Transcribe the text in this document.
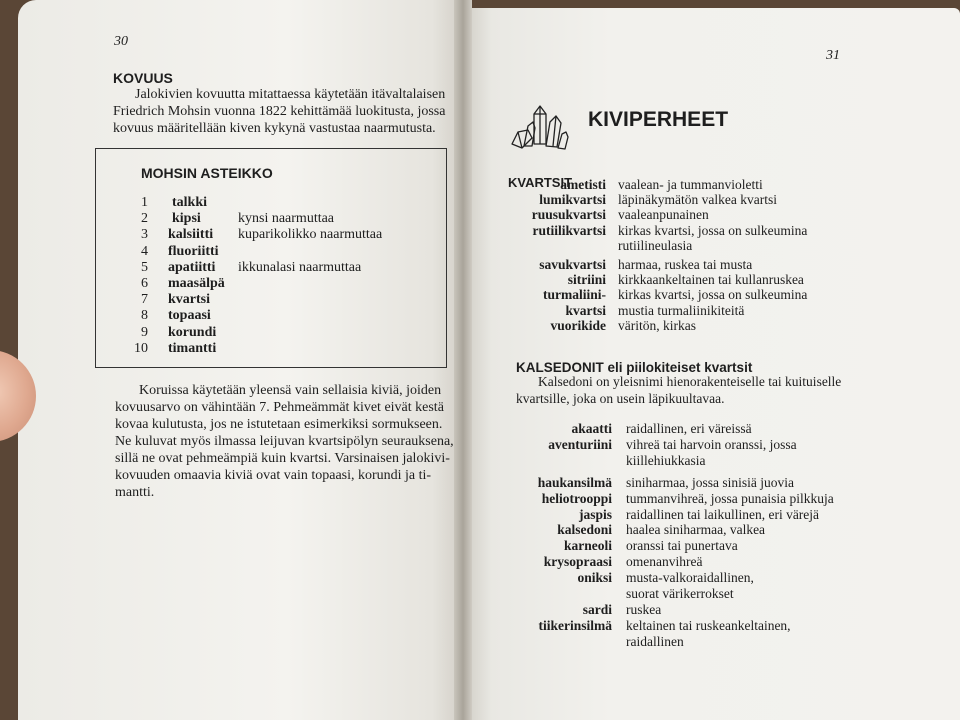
30
KOVUUS
Jalokivien kovuutta mitattaessa käytetään itävaltalaisen
Friedrich Mohsin vuonna 1822 kehittämää luokitusta, jossa
kovuus määritellään kiven kykynä vastustaa naarmutusta.
MOHSIN ASTEIKKO
1 talkki
2 kipsi	kynsi naarmuttaa
3 kalsiitti kuparikolikko naarmuttaa
4 fluoriitti
5 apatiitti ikkunalasi naarmuttaa
6 maasälpä
7 kvartsi
8 topaasi
9 korundi
10 timantti
Koruissa käytetään yleensä vain sellaisia kiviä, joiden
kovuusarvo on vähintään 7. Pehmeämmät kivet eivät kestä
kovaa kulutusta, jos ne istutetaan esimerkiksi sormukseen.
Ne kuluvat myös ilmassa leijuvan kvartsipölyn seurauksena,
sillä ne ovat pehmeämpiä kuin kvartsi. Varsinaisen jalokivi-
kovuuden omaavia kiviä ovat vain topaasi, korundi ja ti-
mantti.
31
KIVIPERHEET
KVARTSIT
ametisti vaalean- ja tummanvioletti
lumikvartsi läpinäkymätön valkea kvartsi
ruusukvartsi vaaleanpunainen
rutiilikvartsi kirkas kvartsi, jossa on sulkeumina
rutiilineulasia
savukvartsi harmaa, ruskea tai musta
sitriini kirkkaankeltainen tai kullanruskea
turmaliini- kirkas kvartsi, jossa on sulkeumina
kvartsi mustia turmaliinikiteitä
vuorikide väritön, kirkas
KALSEDONIT eli piilokiteiset kvartsit
Kalsedoni on yleisnimi hienorakenteiselle tai kuituiselle
kvartsille, joka on usein läpikuultavaa.
akaatti raidallinen, eri väreissä
aventuriini vihreä tai harvoin oranssi, jossa
kiillehiukkasia
haukansilmä siniharmaa, jossa sinisiä juovia
heliotrooppi tummanvihreä, jossa punaisia pilkkuja
jaspis raidallinen tai laikullinen, eri värejä
kalsedoni haalea siniharmaa, valkea
karneoli oranssi tai punertava
krysopraasi omenanvihreä
oniksi musta-valkoraidallinen,
suorat värikerrokset
sardi ruskea
tiikerinsilmä keltainen tai ruskeankeltainen,
raidallinen
